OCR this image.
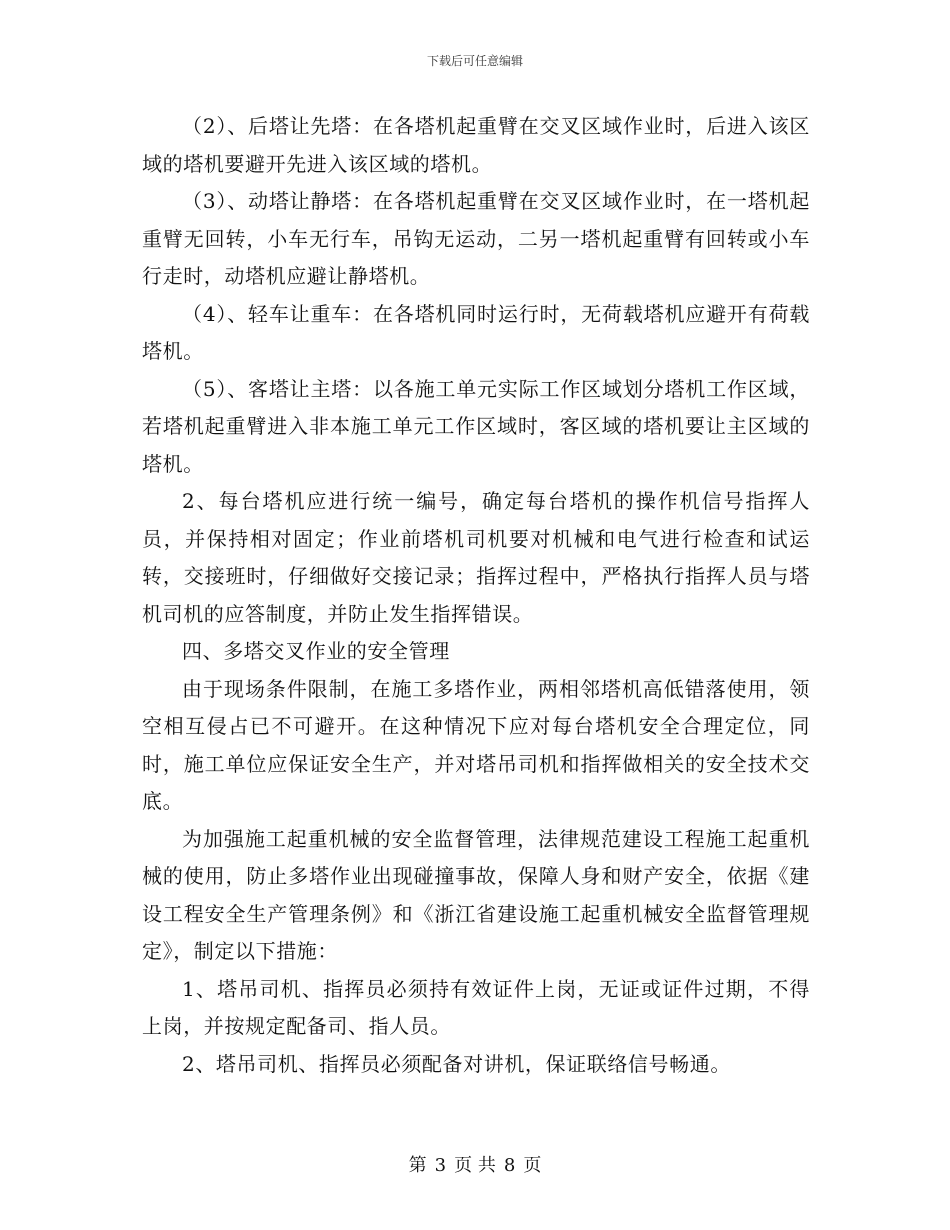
下载后可任意编辑

（2）、后塔让先塔：在各塔机起重臂在交叉区域作业时，后进入该区域的塔机要避开先进入该区域的塔机。

（3）、动塔让静塔：在各塔机起重臂在交叉区域作业时，在一塔机起重臂无回转，小车无行车，吊钩无运动，二另一塔机起重臂有回转或小车行走时，动塔机应避让静塔机。

（4）、轻车让重车：在各塔机同时运行时，无荷载塔机应避开有荷载塔机。

（5）、客塔让主塔：以各施工单元实际工作区域划分塔机工作区域，若塔机起重臂进入非本施工单元工作区域时，客区域的塔机要让主区域的塔机。

2、每台塔机应进行统一编号，确定每台塔机的操作机信号指挥人员，并保持相对固定；作业前塔机司机要对机械和电气进行检查和试运转，交接班时，仔细做好交接记录；指挥过程中，严格执行指挥人员与塔机司机的应答制度，并防止发生指挥错误。

四、多塔交叉作业的安全管理

由于现场条件限制，在施工多塔作业，两相邻塔机高低错落使用，领空相互侵占已不可避开。在这种情况下应对每台塔机安全合理定位，同时，施工单位应保证安全生产，并对塔吊司机和指挥做相关的安全技术交底。

为加强施工起重机械的安全监督管理，法律规范建设工程施工起重机械的使用，防止多塔作业出现碰撞事故，保障人身和财产安全，依据《建设工程安全生产管理条例》和《浙江省建设施工起重机械安全监督管理规定》，制定以下措施：

1、塔吊司机、指挥员必须持有效证件上岗，无证或证件过期，不得上岗，并按规定配备司、指人员。

2、塔吊司机、指挥员必须配备对讲机，保证联络信号畅通。

第 3 页 共 8 页
